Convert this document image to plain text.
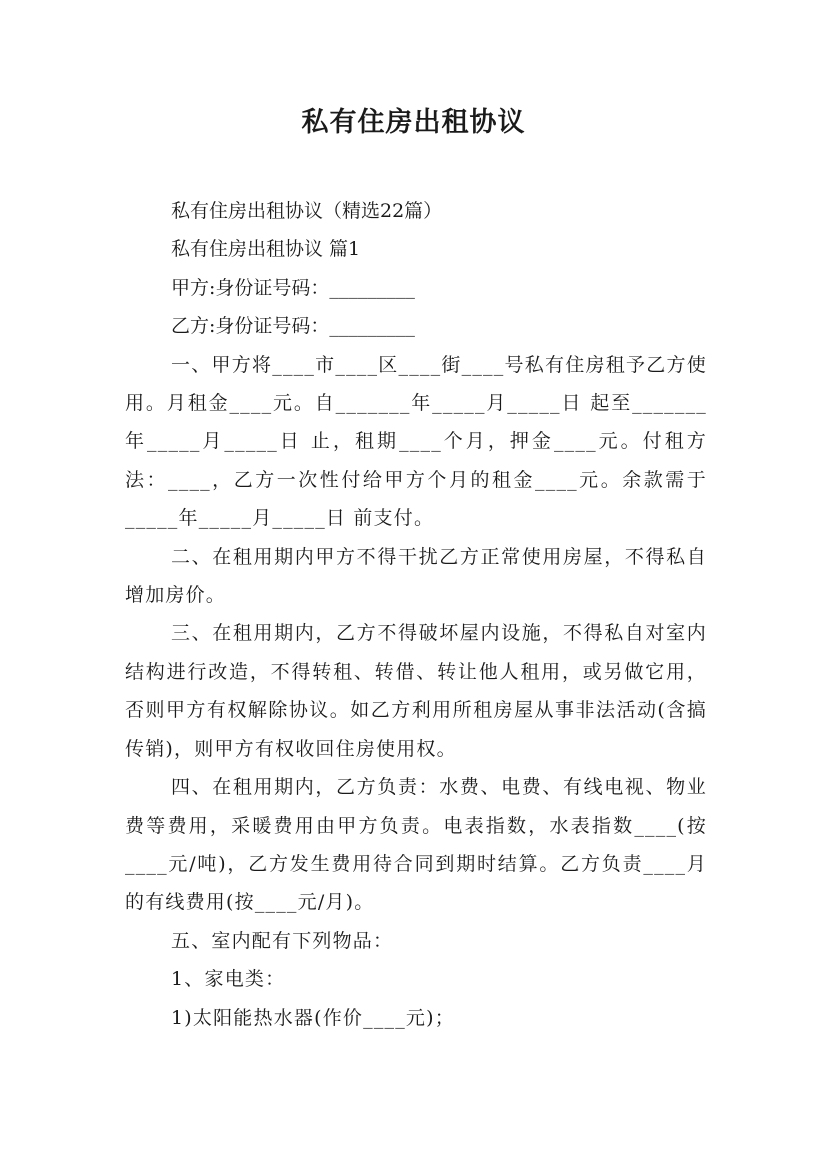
私有住房出租协议
私有住房出租协议（精选22篇）
私有住房出租协议 篇1
甲方:身份证号码：_________
乙方:身份证号码：_________

一、甲方将____市____区____街____号私有住房租予乙方使用。月租金____元。自_______年_____月_____日 起至_______年_____月_____日 止，租期____个月，押金____元。付租方法：____，乙方一次性付给甲方个月的租金____元。余款需于_____年_____月_____日 前支付。

二、在租用期内甲方不得干扰乙方正常使用房屋，不得私自增加房价。

三、在租用期内，乙方不得破坏屋内设施，不得私自对室内结构进行改造，不得转租、转借、转让他人租用，或另做它用，否则甲方有权解除协议。如乙方利用所租房屋从事非法活动(含搞传销)，则甲方有权收回住房使用权。

四、在租用期内，乙方负责：水费、电费、有线电视、物业费等费用，采暖费用由甲方负责。电表指数，水表指数____(按____元/吨)，乙方发生费用待合同到期时结算。乙方负责____月的有线费用(按____元/月)。

五、室内配有下列物品：

1、家电类：

1)太阳能热水器(作价____元)；
